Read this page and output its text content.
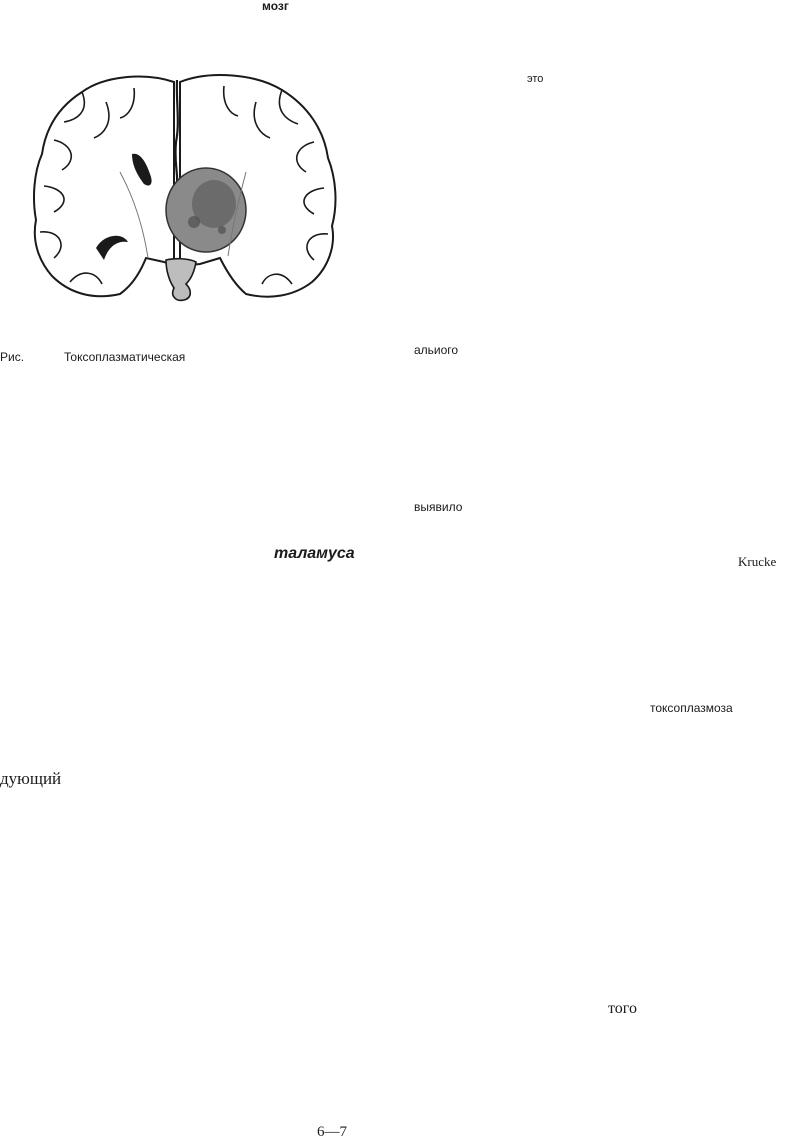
мозг
это
Рис.	Токсоплазматическая	альиого
выявило
таламуса	Krucke
токсоплазмоза
дующий
того
6—7
